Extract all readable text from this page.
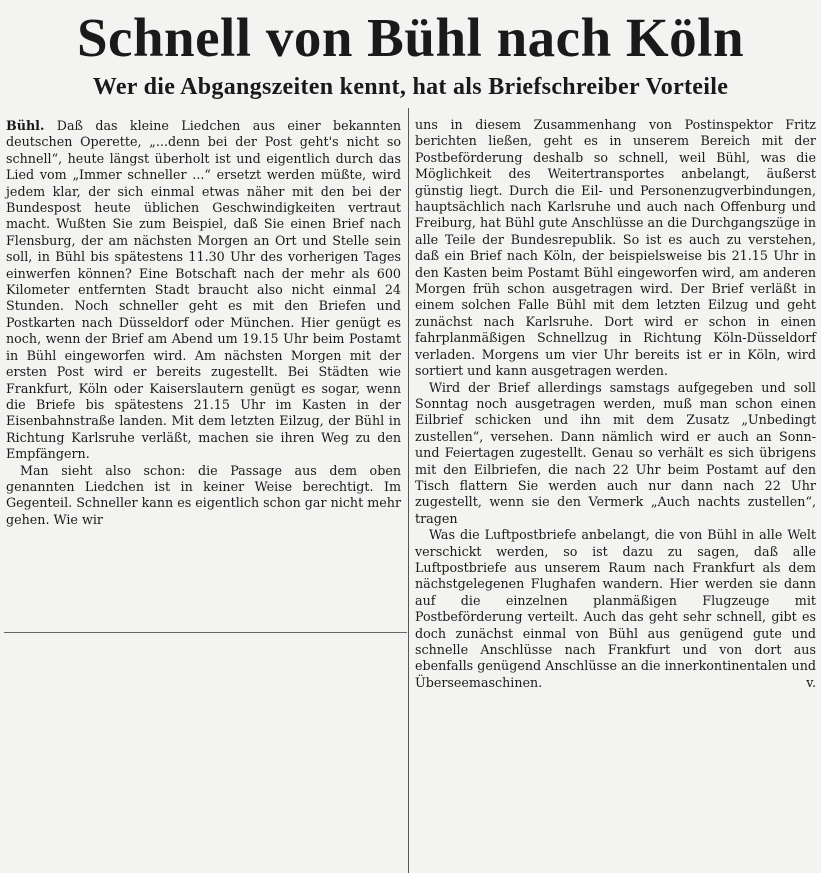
Schnell von Bühl nach Köln
Wer die Abgangszeiten kennt, hat als Briefschreiber Vorteile

Bühl. Daß das kleine Liedchen aus einer bekannten deutschen Operette, „...denn bei der Post geht's nicht so schnell“, heute längst überholt ist und eigentlich durch das Lied vom „Immer schneller ...“ ersetzt werden müßte, wird jedem klar, der sich einmal etwas näher mit den bei der Bundespost heute üblichen Geschwindigkeiten vertraut macht. Wußten Sie zum Beispiel, daß Sie einen Brief nach Flensburg, der am nächsten Morgen an Ort und Stelle sein soll, in Bühl bis spätestens 11.30 Uhr des vorherigen Tages einwerfen können? Eine Botschaft nach der mehr als 600 Kilometer entfernten Stadt braucht also nicht einmal 24 Stunden. Noch schneller geht es mit den Briefen und Postkarten nach Düsseldorf oder München. Hier genügt es noch, wenn der Brief am Abend um 19.15 Uhr beim Postamt in Bühl eingeworfen wird. Am nächsten Morgen mit der ersten Post wird er bereits zugestellt. Bei Städten wie Frankfurt, Köln oder Kaiserslautern genügt es sogar, wenn die Briefe bis spätestens 21.15 Uhr im Kasten in der Eisenbahnstraße landen. Mit dem letzten Eilzug, der Bühl in Richtung Karlsruhe verläßt, machen sie ihren Weg zu den Empfängern.

Man sieht also schon: die Passage aus dem oben genannten Liedchen ist in keiner Weise berechtigt. Im Gegenteil. Schneller kann es eigentlich schon gar nicht mehr gehen. Wie wir

uns in diesem Zusammenhang von Postinspektor Fritz berichten ließen, geht es in unserem Bereich mit der Postbeförderung deshalb so schnell, weil Bühl, was die Möglichkeit des Weitertransportes anbelangt, äußerst günstig liegt. Durch die Eil- und Personenzugverbindungen, hauptsächlich nach Karlsruhe und auch nach Offenburg und Freiburg, hat Bühl gute Anschlüsse an die Durchgangszüge in alle Teile der Bundesrepublik. So ist es auch zu verstehen, daß ein Brief nach Köln, der beispielsweise bis 21.15 Uhr in den Kasten beim Postamt Bühl eingeworfen wird, am anderen Morgen früh schon ausgetragen wird. Der Brief verläßt in einem solchen Falle Bühl mit dem letzten Eilzug und geht zunächst nach Karlsruhe. Dort wird er schon in einen fahrplanmäßigen Schnellzug in Richtung Köln-Düsseldorf verladen. Morgens um vier Uhr bereits ist er in Köln, wird sortiert und kann ausgetragen werden.

Wird der Brief allerdings samstags aufgegeben und soll Sonntag noch ausgetragen werden, muß man schon einen Eilbrief schicken und ihn mit dem Zusatz „Unbedingt zustellen“, versehen. Dann nämlich wird er auch an Sonn- und Feiertagen zugestellt. Genau so verhält es sich übrigens mit den Eilbriefen, die nach 22 Uhr beim Postamt auf den Tisch flattern Sie werden auch nur dann nach 22 Uhr zugestellt, wenn sie den Vermerk „Auch nachts zustellen“, tragen

Was die Luftpostbriefe anbelangt, die von Bühl in alle Welt verschickt werden, so ist dazu zu sagen, daß alle Luftpostbriefe aus unserem Raum nach Frankfurt als dem nächstgelegenen Flughafen wandern. Hier werden sie dann auf die einzelnen planmäßigen Flugzeuge mit Postbeförderung verteilt. Auch das geht sehr schnell, gibt es doch zunächst einmal von Bühl aus genügend gute und schnelle Anschlüsse nach Frankfurt und von dort aus ebenfalls genügend Anschlüsse an die innerkontinentalen und Überseemaschinen.	v.
